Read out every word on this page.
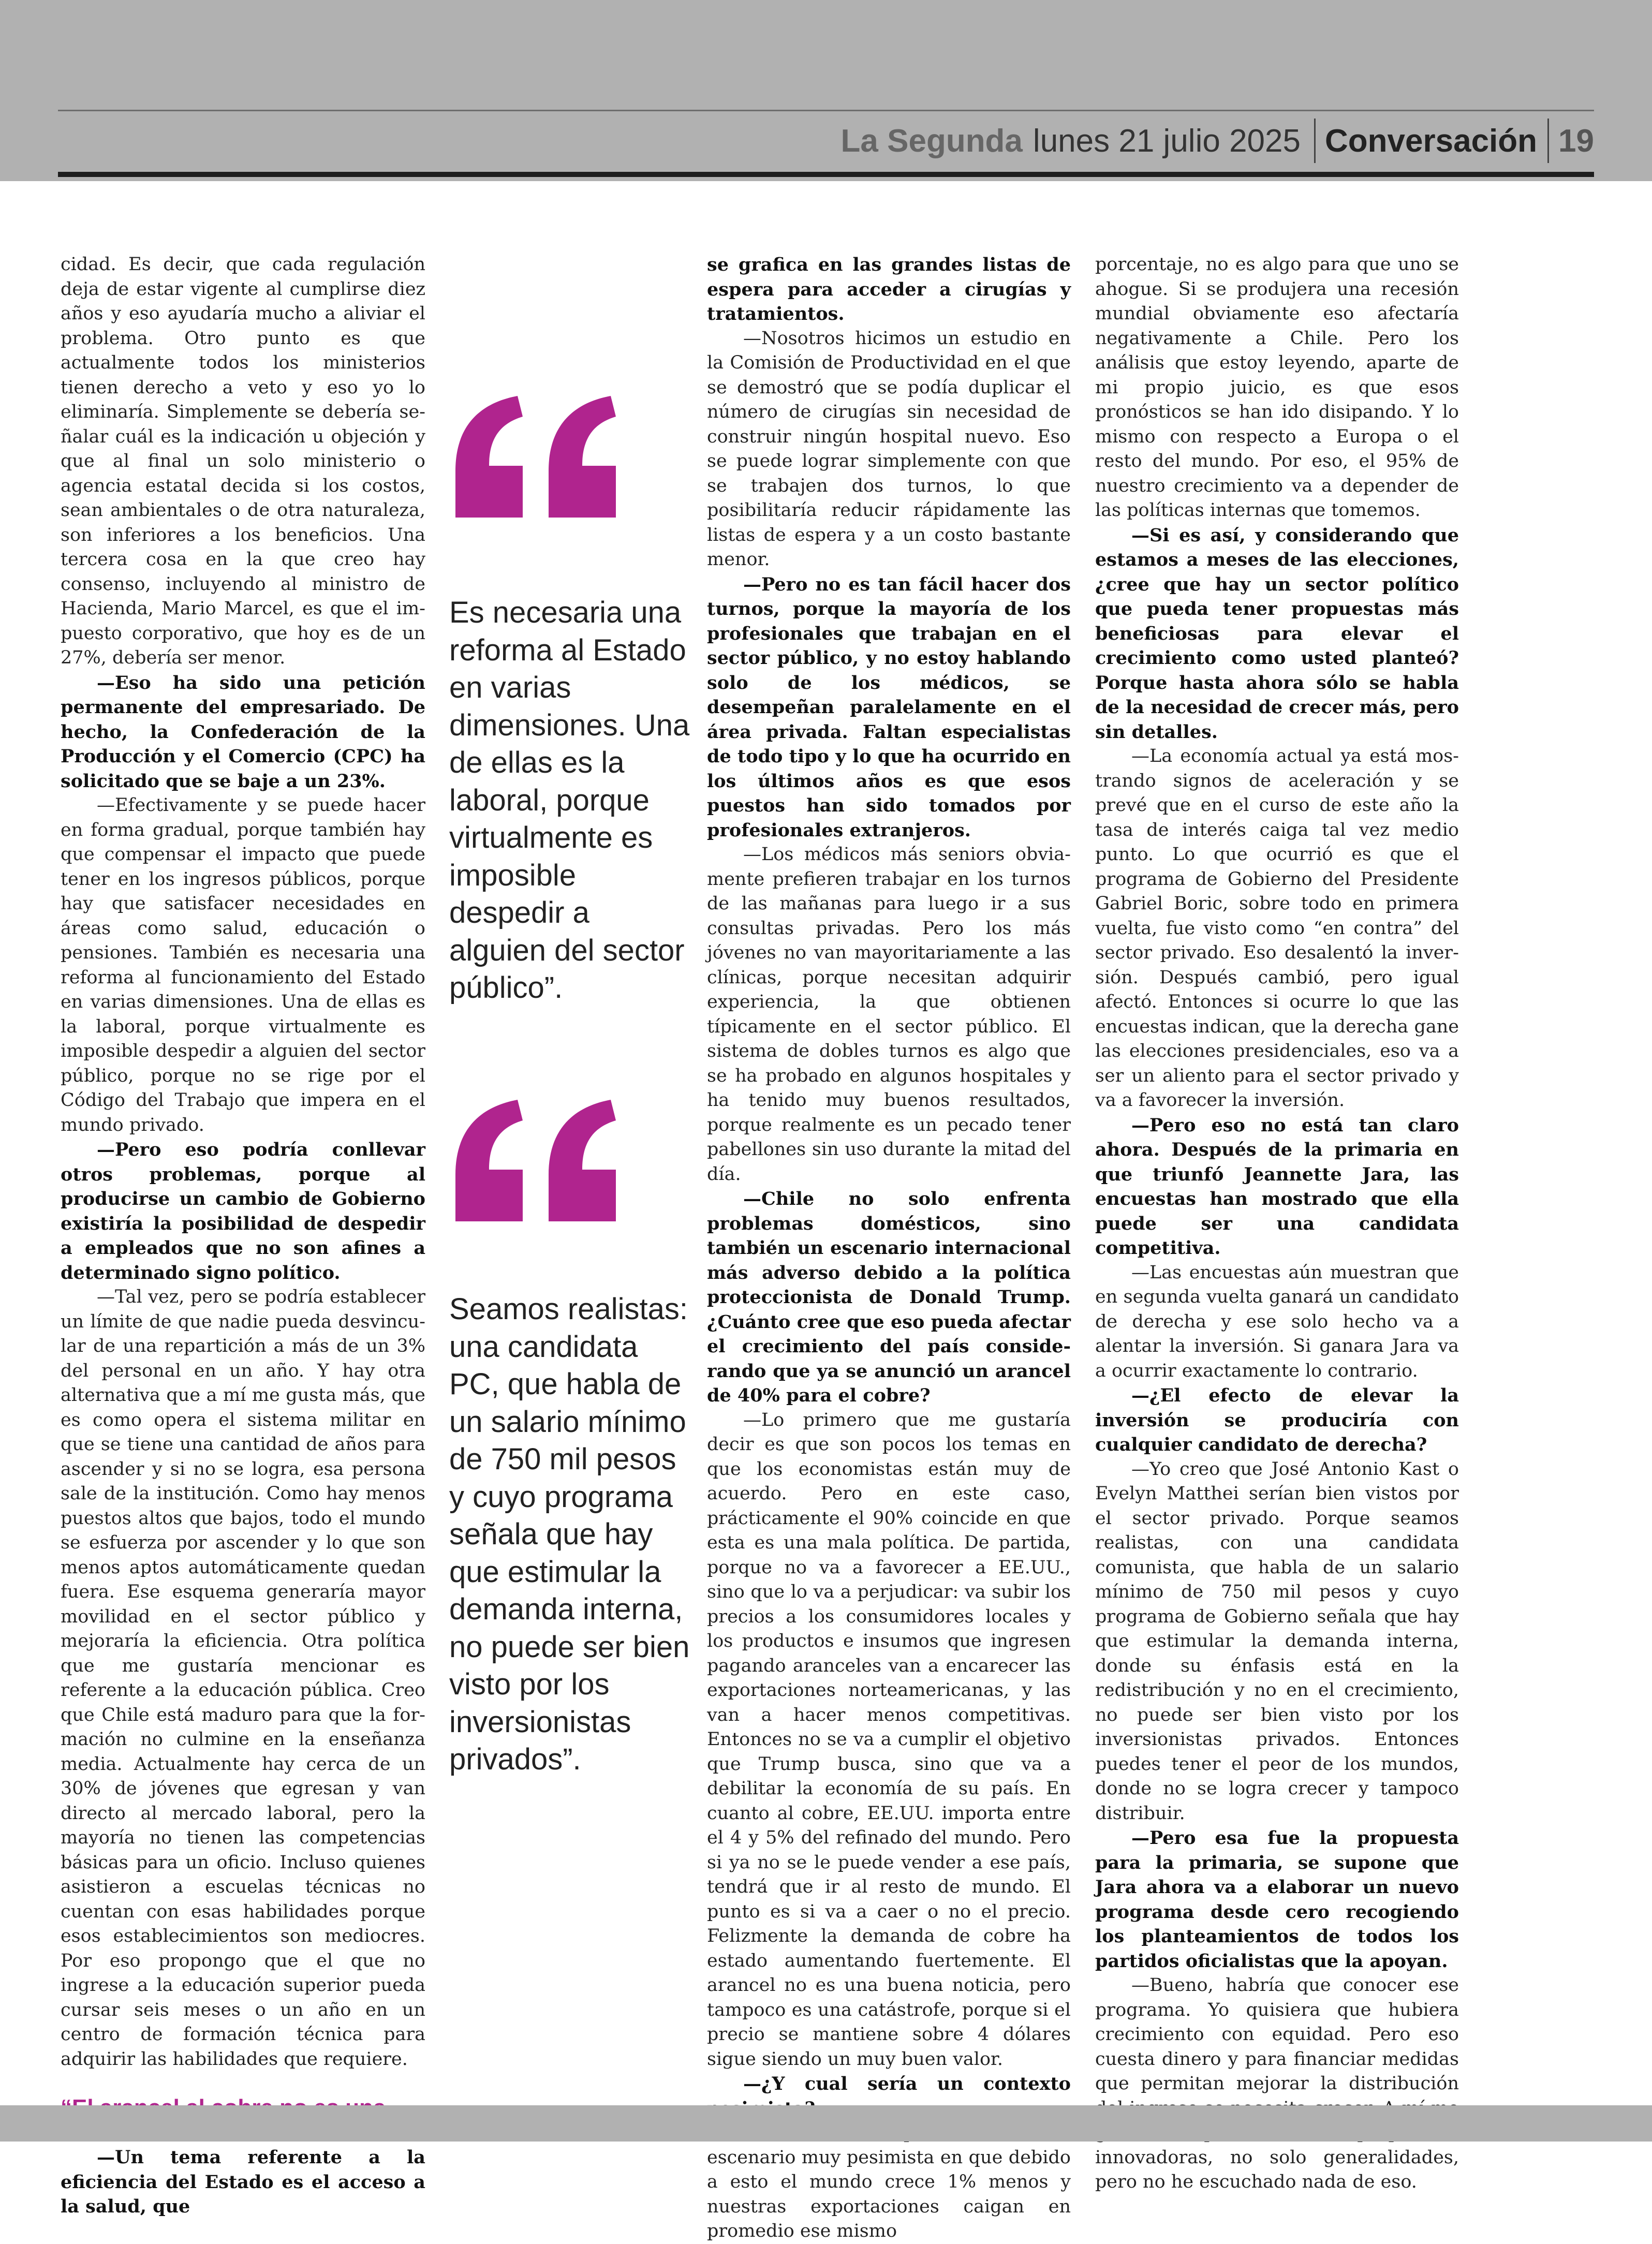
La Segunda lunes 21 julio 2025 Conversación 19

cidad. Es decir, que cada regulación deja de estar vigente al cumplirse diez años y eso ayudaría mucho a aliviar el problema. Otro punto es que actualmente todos los ministerios tienen derecho a veto y eso yo lo eliminaría. Simplemente se debería señalar cuál es la indicación u objeción y que al final un solo ministerio o agencia estatal decida si los costos, sean ambientales o de otra naturaleza, son inferiores a los beneficios. Una tercera cosa en la que creo hay consenso, incluyendo al ministro de Hacienda, Mario Marcel, es que el impuesto corporativo, que hoy es de un 27%, debería ser menor.

—Eso ha sido una petición permanente del empresariado. De hecho, la Confederación de la Producción y el Comercio (CPC) ha solicitado que se baje a un 23%.

—Efectivamente y se puede hacer en forma gradual, porque también hay que compensar el impacto que puede tener en los ingresos públicos, porque hay que satisfacer necesidades en áreas como salud, educación o pensiones. También es necesaria una reforma al funcionamiento del Estado en varias dimensiones. Una de ellas es la laboral, porque virtualmente es imposible despedir a alguien del sector público, porque no se rige por el Código del Trabajo que impera en el mundo privado.

—Pero eso podría conllevar otros problemas, porque al producirse un cambio de Gobierno existiría la posibilidad de despedir a empleados que no son afines a determinado signo político.

—Tal vez, pero se podría establecer un límite de que nadie pueda desvincular de una repartición a más de un 3% del personal en un año. Y hay otra alternativa que a mí me gusta más, que es como opera el sistema militar en que se tiene una cantidad de años para ascender y si no se logra, esa persona sale de la institución. Como hay menos puestos altos que bajos, todo el mundo se esfuerza por ascender y lo que son menos aptos automáticamente quedan fuera. Ese esquema generaría mayor movilidad en el sector público y mejoraría la eficiencia. Otra política que me gustaría mencionar es referente a la educación pública. Creo que Chile está maduro para que la formación no culmine en la enseñanza media. Actualmente hay cerca de un 30% de jóvenes que egresan y van directo al mercado laboral, pero la mayoría no tienen las competencias básicas para un oficio. Incluso quienes asistieron a escuelas técnicas no cuentan con esas habilidades porque esos establecimientos son mediocres. Por eso propongo que el que no ingrese a la educación superior pueda cursar seis meses o un año en un centro de formación técnica para adquirir las habilidades que requiere.

—Un tema referente a la eficiencia del Estado es el acceso a la salud, que

Es necesaria una reforma al Estado en varias dimensiones. Una de ellas es la laboral, porque virtualmente es imposible despedir a alguien del sector público”.

Seamos realistas: una candidata PC, que habla de un salario mínimo de 750 mil pesos y cuyo programa señala que hay que estimular la demanda interna, no puede ser bien visto por los inversionistas privados”.

se grafica en las grandes listas de espera para acceder a cirugías y tratamientos.

—Nosotros hicimos un estudio en la Comisión de Productividad en el que se demostró que se podía duplicar el número de cirugías sin necesidad de construir ningún hospital nuevo. Eso se puede lograr simplemente con que se trabajen dos turnos, lo que posibilitaría reducir rápidamente las listas de espera y a un costo bastante menor.

—Pero no es tan fácil hacer dos turnos, porque la mayoría de los profesionales que trabajan en el sector público, y no estoy hablando solo de los médicos, se desempeñan paralelamente en el área privada. Faltan especialistas de todo tipo y lo que ha ocurrido en los últimos años es que esos puestos han sido tomados por profesionales extranjeros.

—Los médicos más seniors obviamente prefieren trabajar en los turnos de las mañanas para luego ir a sus consultas privadas. Pero los más jóvenes no van mayoritariamente a las clínicas, porque necesitan adquirir experiencia, la que obtienen típicamente en el sector público. El sistema de dobles turnos es algo que se ha probado en algunos hospitales y ha tenido muy buenos resultados, porque realmente es un pecado tener pabellones sin uso durante la mitad del día.

—Chile no solo enfrenta problemas domésticos, sino también un escenario internacional más adverso debido a la política proteccionista de Donald Trump. ¿Cuánto cree que eso pueda afectar el crecimiento del país considerando que ya se anunció un arancel de 40% para el cobre?

—Lo primero que me gustaría decir es que son pocos los temas en que los economistas están muy de acuerdo. Pero en este caso, prácticamente el 90% coincide en que esta es una mala política. De partida, porque no va a favorecer a EE.UU., sino que lo va a perjudicar: va subir los precios a los consumidores locales y los productos e insumos que ingresen pagando aranceles van a encarecer las exportaciones norteamericanas, y las van a hacer menos competitivas. Entonces no se va a cumplir el objetivo que Trump busca, sino que va a debilitar la economía de su país. En cuanto al cobre, EE.UU. importa entre el 4 y 5% del refinado del mundo. Pero si ya no se le puede vender a ese país, tendrá que ir al resto de mundo. El punto es si va a caer o no el precio. Felizmente la demanda de cobre ha estado aumentando fuertemente. El arancel no es una buena noticia, pero tampoco es una catástrofe, porque si el precio se mantiene sobre 4 dólares sigue siendo un muy buen valor.

—¿Y cual sería un contexto

escenario muy pesimista en que debido a esto el mundo crece 1% menos y nuestras exportaciones caigan en promedio ese mismo

porcentaje, no es algo para que uno se ahogue. Si se produjera una recesión mundial obviamente eso afectaría negativamente a Chile. Pero los análisis que estoy leyendo, aparte de mi propio juicio, es que esos pronósticos se han ido disipando. Y lo mismo con respecto a Europa o el resto del mundo. Por eso, el 95% de nuestro crecimiento va a depender de las políticas internas que tomemos.

—Si es así, y considerando que estamos a meses de las elecciones, ¿cree que hay un sector político que pueda tener propuestas más beneficiosas para elevar el crecimiento como usted planteó? Porque hasta ahora sólo se habla de la necesidad de crecer más, pero sin detalles.

—La economía actual ya está mostrando signos de aceleración y se prevé que en el curso de este año la tasa de interés caiga tal vez medio punto. Lo que ocurrió es que el programa de Gobierno del Presidente Gabriel Boric, sobre todo en primera vuelta, fue visto como “en contra” del sector privado. Eso desalentó la inversión. Después cambió, pero igual afectó. Entonces si ocurre lo que las encuestas indican, que la derecha gane las elecciones presidenciales, eso va a ser un aliento para el sector privado y va a favorecer la inversión.

—Pero eso no está tan claro ahora. Después de la primaria en que triunfó Jeannette Jara, las encuestas han mostrado que ella puede ser una candidata competitiva.

—Las encuestas aún muestran que en segunda vuelta ganará un candidato de derecha y ese solo hecho va a alentar la inversión. Si ganara Jara va a ocurrir exactamente lo contrario.

—¿El efecto de elevar la inversión se produciría con cualquier candidato de derecha?

—Yo creo que José Antonio Kast o Evelyn Matthei serían bien vistos por el sector privado. Porque seamos realistas, con una candidata comunista, que habla de un salario mínimo de 750 mil pesos y cuyo programa de Gobierno señala que hay que estimular la demanda interna, donde su énfasis está en la redistribución y no en el crecimiento, no puede ser bien visto por los inversionistas privados. Entonces puedes tener el peor de los mundos, donde no se logra crecer y tampoco distribuir.

—Pero esa fue la propuesta para la primaria, se supone que Jara ahora va a elaborar un nuevo programa desde cero recogiendo los planteamientos de todos los partidos oficialistas que la apoyan.

—Bueno, habría que conocer ese programa. Yo quisiera que hubiera crecimiento con equidad. Pero eso cuesta dinero y para financiar medidas que permitan mejorar la distribución innovadoras, no solo generalidades, pero no he escuchado nada de eso.
